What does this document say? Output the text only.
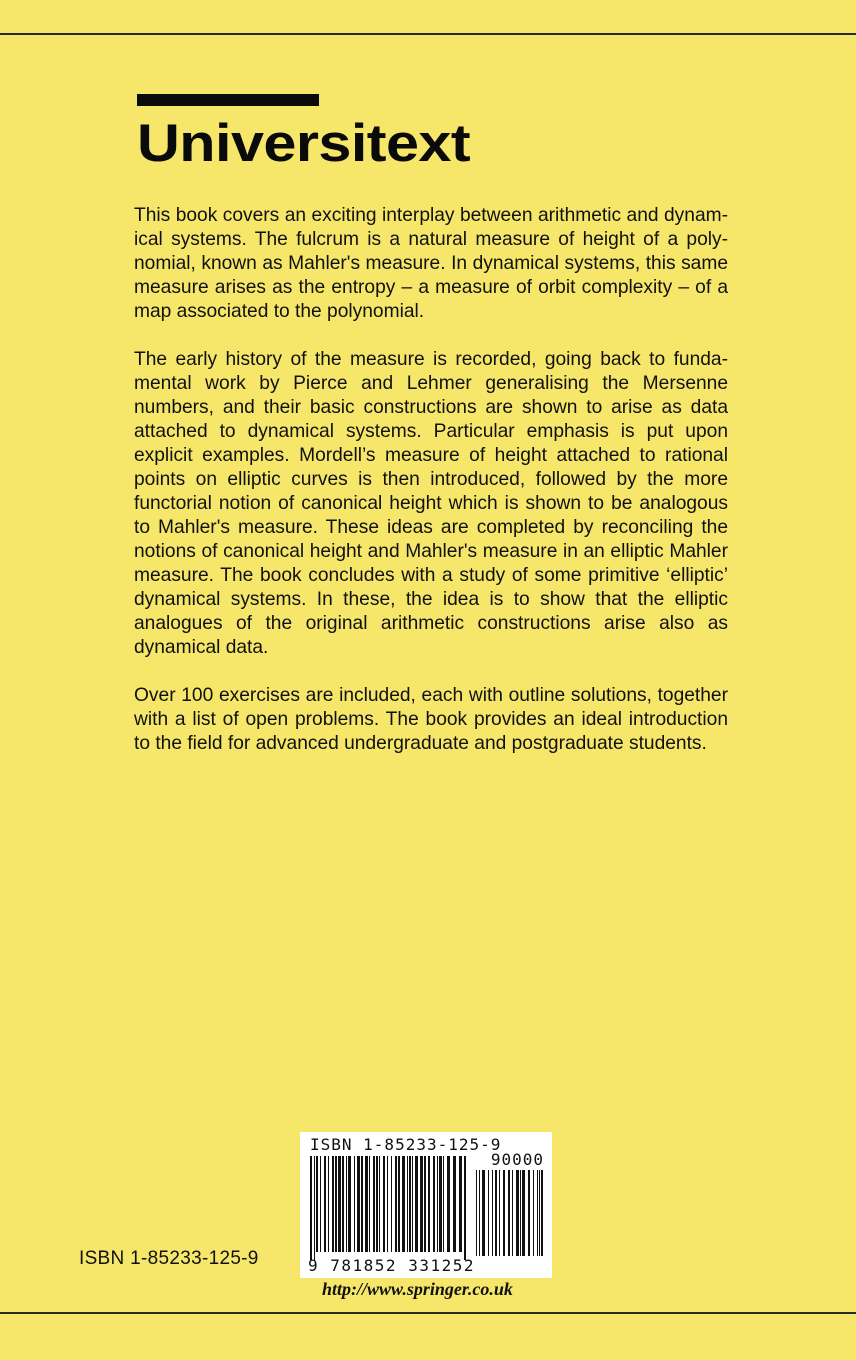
Universitext

This book covers an exciting interplay between arithmetic and dynamical systems. The fulcrum is a natural measure of height of a polynomial, known as Mahler's measure. In dynamical systems, this same measure arises as the entropy – a measure of orbit complexity – of a map associated to the polynomial.

The early history of the measure is recorded, going back to fundamental work by Pierce and Lehmer generalising the Mersenne numbers, and their basic constructions are shown to arise as data attached to dynamical systems. Particular emphasis is put upon explicit examples. Mordell’s measure of height attached to rational points on elliptic curves is then introduced, followed by the more functorial notion of canonical height which is shown to be analogous to Mahler's measure. These ideas are completed by reconciling the notions of canonical height and Mahler's measure in an elliptic Mahler measure. The book concludes with a study of some primitive ‘elliptic’ dynamical systems. In these, the idea is to show that the elliptic analogues of the original arithmetic constructions arise also as dynamical data.

Over 100 exercises are included, each with outline solutions, together with a list of open problems. The book provides an ideal introduction to the field for advanced undergraduate and postgraduate students.

ISBN 1-85233-125-9
ISBN 1-85233-125-9
90000
9 781852 331252
http://www.springer.co.uk
